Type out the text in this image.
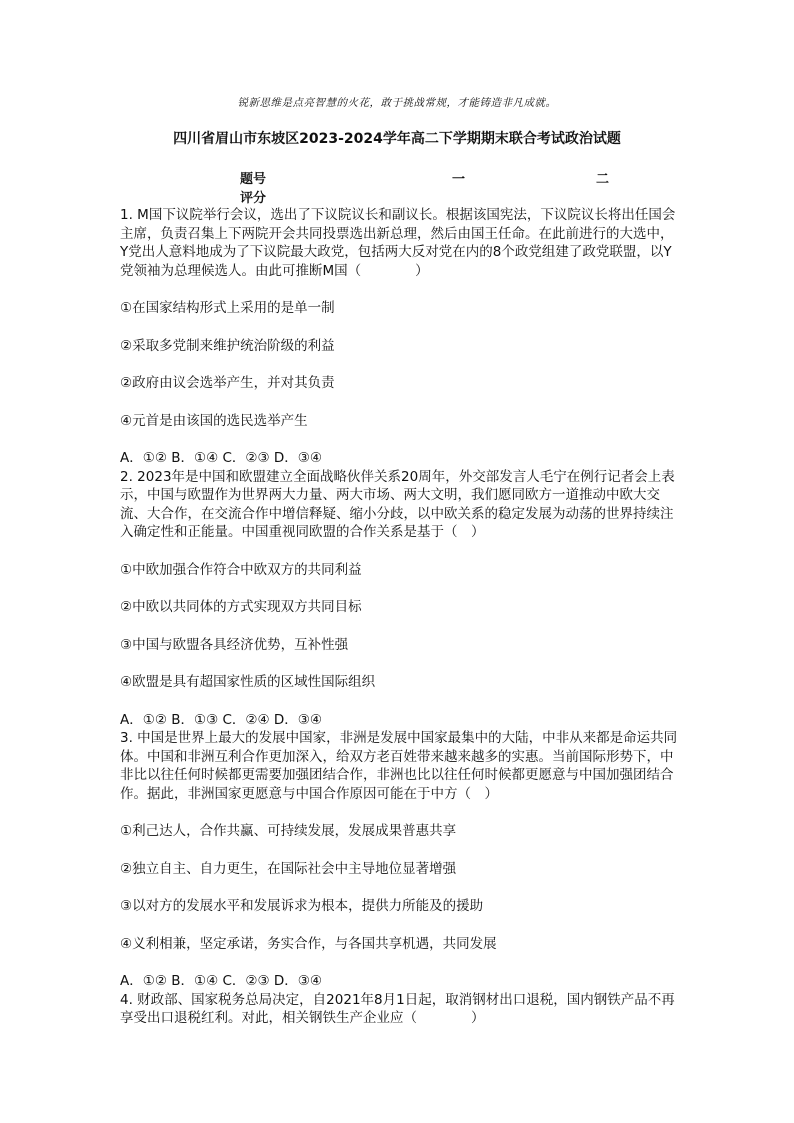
锐新思维是点亮智慧的火花，敢于挑战常规，才能铸造非凡成就。
四川省眉山市东坡区2023-2024学年高二下学期期末联合考试政治试题
题号	一	二
评分

1. M国下议院举行会议，选出了下议院议长和副议长。根据该国宪法，下议院议长将出任国会主席，负责召集上下两院开会共同投票选出新总理，然后由国王任命。在此前进行的大选中，Y党出人意料地成为了下议院最大政党，包括两大反对党在内的8个政党组建了政党联盟，以Y党领袖为总理候选人。由此可推断M国（　　　　）

①在国家结构形式上采用的是单一制

②采取多党制来维护统治阶级的利益

②政府由议会选举产生，并对其负责

④元首是由该国的选民选举产生

A．①② B．①④ C．②③ D．③④

2. 2023年是中国和欧盟建立全面战略伙伴关系20周年，外交部发言人毛宁在例行记者会上表示，中国与欧盟作为世界两大力量、两大市场、两大文明，我们愿同欧方一道推动中欧大交流、大合作，在交流合作中增信释疑、缩小分歧，以中欧关系的稳定发展为动荡的世界持续注入确定性和正能量。中国重视同欧盟的合作关系是基于（　）

①中欧加强合作符合中欧双方的共同利益

②中欧以共同体的方式实现双方共同目标

③中国与欧盟各具经济优势，互补性强

④欧盟是具有超国家性质的区域性国际组织

A．①② B．①③ C．②④ D．③④

3. 中国是世界上最大的发展中国家，非洲是发展中国家最集中的大陆，中非从来都是命运共同体。中国和非洲互利合作更加深入，给双方老百姓带来越来越多的实惠。当前国际形势下，中非比以往任何时候都更需要加强团结合作，非洲也比以往任何时候都更愿意与中国加强团结合作。据此，非洲国家更愿意与中国合作原因可能在于中方（　）

①利己达人，合作共赢、可持续发展，发展成果普惠共享

②独立自主、自力更生，在国际社会中主导地位显著增强

③以对方的发展水平和发展诉求为根本，提供力所能及的援助

④义利相兼，坚定承诺，务实合作，与各国共享机遇，共同发展

A．①② B．①④ C．②③ D．③④

4. 财政部、国家税务总局决定，自2021年8月1日起，取消钢材出口退税，国内钢铁产品不再享受出口退税红利。对此，相关钢铁生产企业应（　　　　）
